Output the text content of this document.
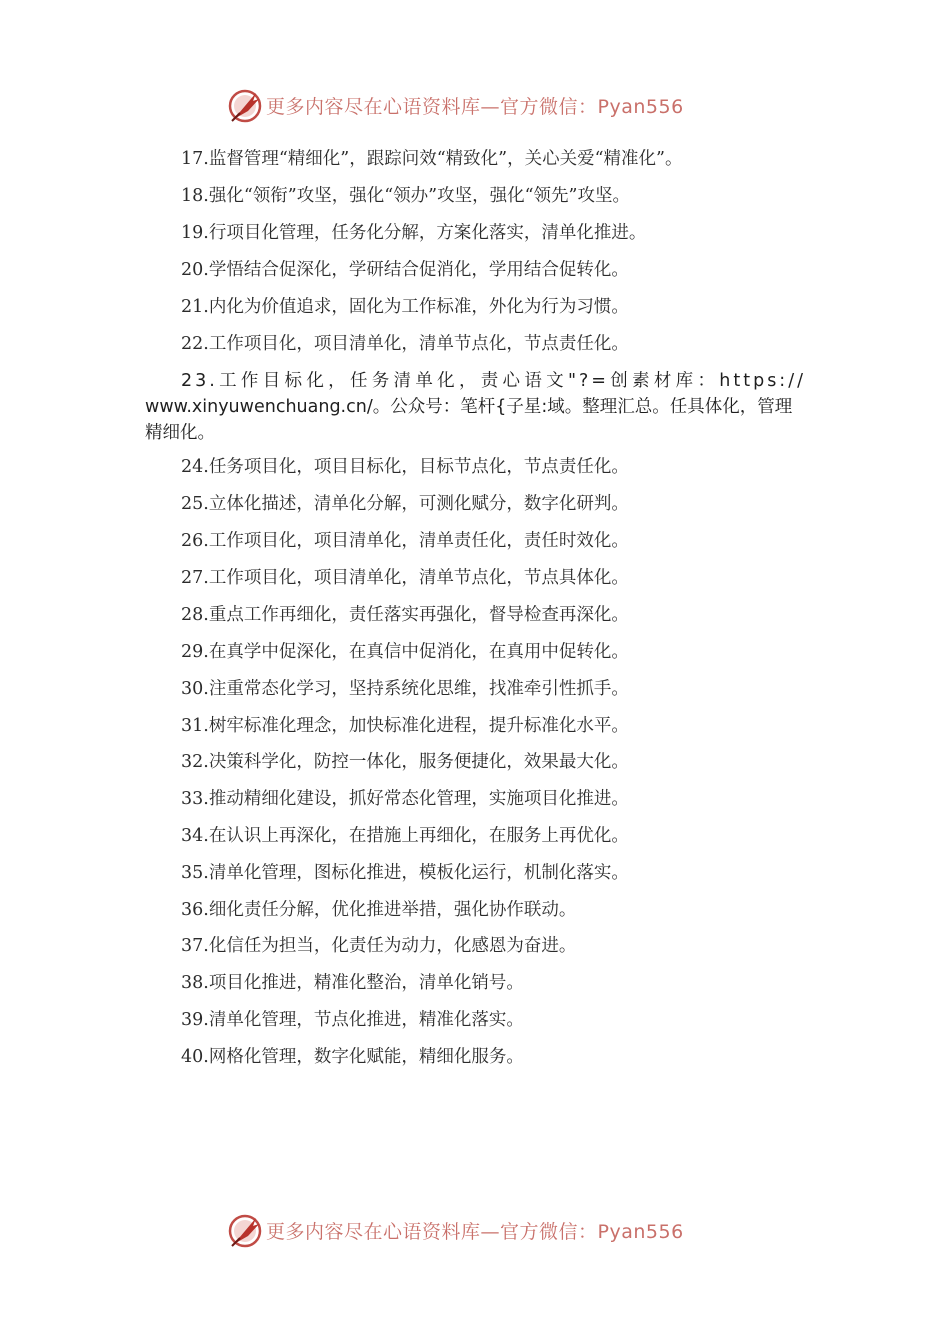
更多内容尽在心语资料库—官方微信：Pyan556
17.监督管理“精细化”，跟踪问效“精致化”，关心关爱“精准化”。
18.强化“领衔”攻坚，强化“领办”攻坚，强化“领先”攻坚。
19.行项目化管理，任务化分解，方案化落实，清单化推进。
20.学悟结合促深化，学研结合促消化，学用结合促转化。
21.内化为价值追求，固化为工作标准，外化为行为习惯。
22.工作项目化，项目清单化，清单节点化，节点责任化。
23.工作目标化，任务清单化，责心语文"?=创素材库：https://
www.xinyuwenchuang.cn/。公众号：笔杆{子星:域。整理汇总。任具体化，管理
精细化。
24.任务项目化，项目目标化，目标节点化，节点责任化。
25.立体化描述，清单化分解，可测化赋分，数字化研判。
26.工作项目化，项目清单化，清单责任化，责任时效化。
27.工作项目化，项目清单化，清单节点化，节点具体化。
28.重点工作再细化，责任落实再强化，督导检查再深化。
29.在真学中促深化，在真信中促消化，在真用中促转化。
30.注重常态化学习，坚持系统化思维，找准牵引性抓手。
31.树牢标准化理念，加快标准化进程，提升标准化水平。
32.决策科学化，防控一体化，服务便捷化，效果最大化。
33.推动精细化建设，抓好常态化管理，实施项目化推进。
34.在认识上再深化，在措施上再细化，在服务上再优化。
35.清单化管理，图标化推进，模板化运行，机制化落实。
36.细化责任分解，优化推进举措，强化协作联动。
37.化信任为担当，化责任为动力，化感恩为奋进。
38.项目化推进，精准化整治，清单化销号。
39.清单化管理，节点化推进，精准化落实。
40.网格化管理，数字化赋能，精细化服务。
更多内容尽在心语资料库—官方微信：Pyan556
